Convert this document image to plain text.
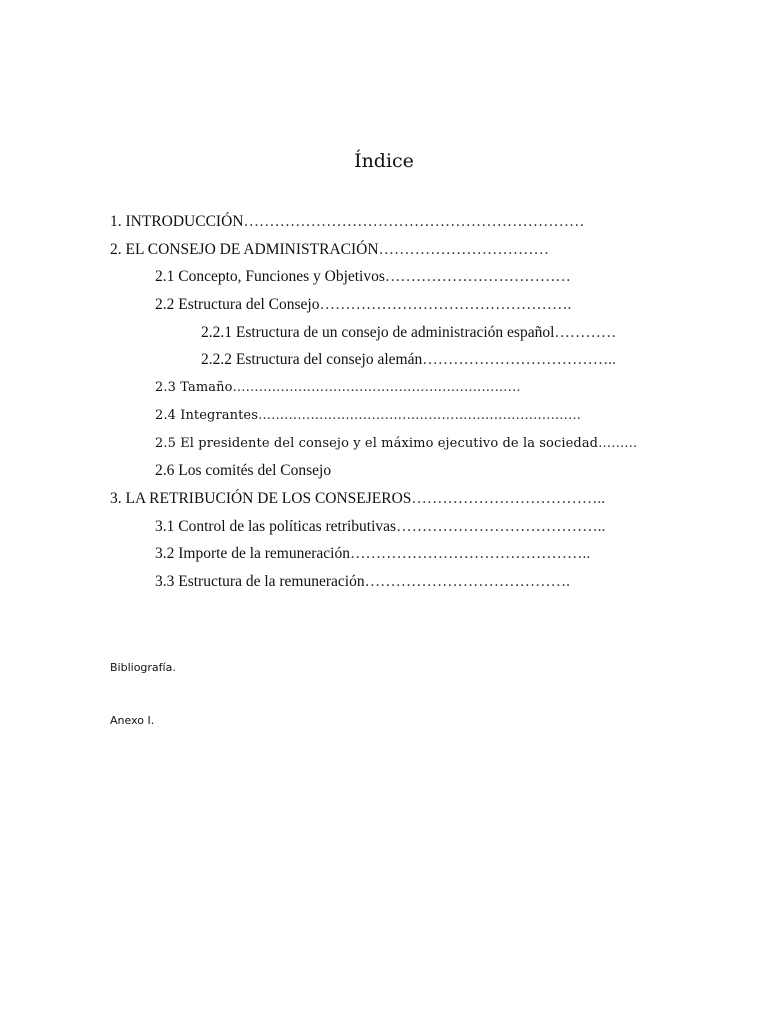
Índice
1. INTRODUCCIÓN…………………………………………………………
2. EL CONSEJO DE ADMINISTRACIÓN……………………………
2.1 Concepto, Funciones y Objetivos………………………………
2.2 Estructura del Consejo………………………………………….
2.2.1 Estructura de un consejo de administración español…………
2.2.2 Estructura del consejo alemán………………………………..
2.3 Tamaño…………………………………………………………
2.4 Integrantes………………………………………………………………..
2.5 El presidente del consejo y el máximo ejecutivo de la sociedad………
2.6 Los comités del Consejo
3. LA RETRIBUCIÓN DE LOS CONSEJEROS………………………………..
3.1 Control de las políticas retributivas…………………………………..
3.2 Importe de la remuneración………………………………………..
3.3 Estructura de la remuneración………………………………….
Bibliografía.
Anexo I.
